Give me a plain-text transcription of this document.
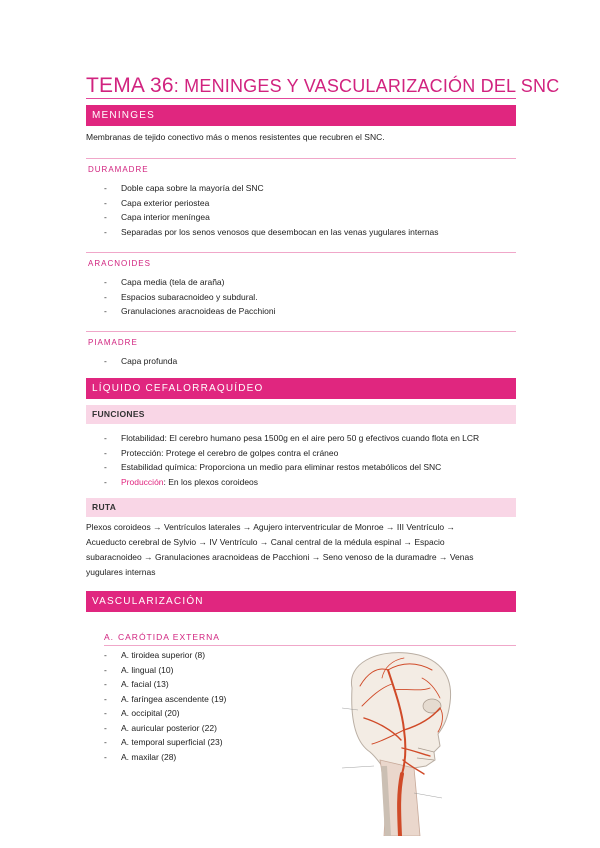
TEMA 36: MENINGES Y VASCULARIZACIÓN DEL SNC
MENINGES
Membranas de tejido conectivo más o menos resistentes que recubren el SNC.
DURAMADRE
- Doble capa sobre la mayoría del SNC
- Capa exterior periostea
- Capa interior meníngea
- Separadas por los senos venosos que desembocan en las venas yugulares internas
ARACNOIDES
- Capa media (tela de araña)
- Espacios subaracnoideo y subdural.
- Granulaciones aracnoideas de Pacchioni
PIAMADRE
- Capa profunda
LÍQUIDO CEFALORRAQUÍDEO
FUNCIONES
- Flotabilidad: El cerebro humano pesa 1500g en el aire pero 50 g efectivos cuando flota en LCR
- Protección: Protege el cerebro de golpes contra el cráneo
- Estabilidad química: Proporciona un medio para eliminar restos metabólicos del SNC
- Producción: En los plexos coroideos
RUTA
Plexos coroideos → Ventrículos laterales → Agujero interventricular de Monroe → III Ventrículo →
Acueducto cerebral de Sylvio → IV Ventrículo → Canal central de la médula espinal → Espacio
subaracnoideo → Granulaciones aracnoideas de Pacchioni → Seno venoso de la duramadre → Venas
yugulares internas
VASCULARIZACIÓN
A. CARÓTIDA EXTERNA
- A. tiroidea superior (8)
- A. lingual (10)
- A. facial (13)
- A. faríngea ascendente (19)
- A. occipital (20)
- A. auricular posterior (22)
- A. temporal superficial (23)
- A. maxilar (28)
